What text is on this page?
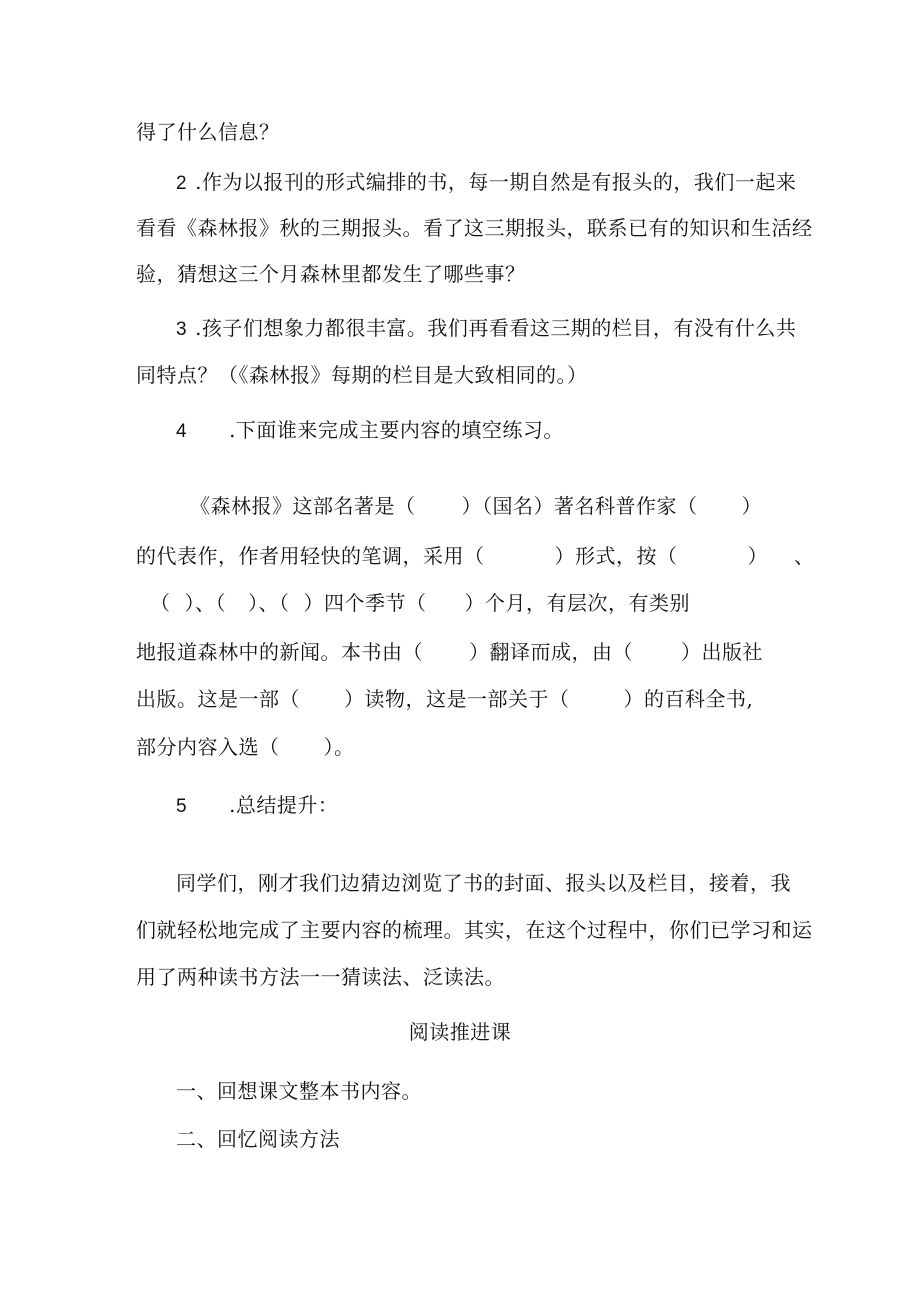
得了什么信息？
2 .作为以报刊的形式编排的书，每一期自然是有报头的，我们一起来
看看《森林报》秋的三期报头。看了这三期报头，联系已有的知识和生活经
验，猜想这三个月森林里都发生了哪些事？
3 .孩子们想象力都很丰富。我们再看看这三期的栏目，有没有什么共
同特点？（《森林报》每期的栏目是大致相同的。）
4 .下面谁来完成主要内容的填空练习。
《森林报》这部名著是（ ）（国名）著名科普作家（ ）
的代表作，作者用轻快的笔调，采用（	）形式，按（	） 、
（ ）、（ ）、（ ）四个季节（ ）个月，有层次，有类别
地报道森林中的新闻。本书由（ ）翻译而成，由（ ）出版社
出版。这是一部（ ）读物，这是一部关于（	）的百科全书,
部分内容入选（ ）。
5 .总结提升：
同学们，刚才我们边猜边浏览了书的封面、报头以及栏目，接着，我
们就轻松地完成了主要内容的梳理。其实，在这个过程中，你们已学习和运
用了两种读书方法一一猜读法、泛读法。
阅读推进课
一、回想课文整本书内容。
二、回忆阅读方法
